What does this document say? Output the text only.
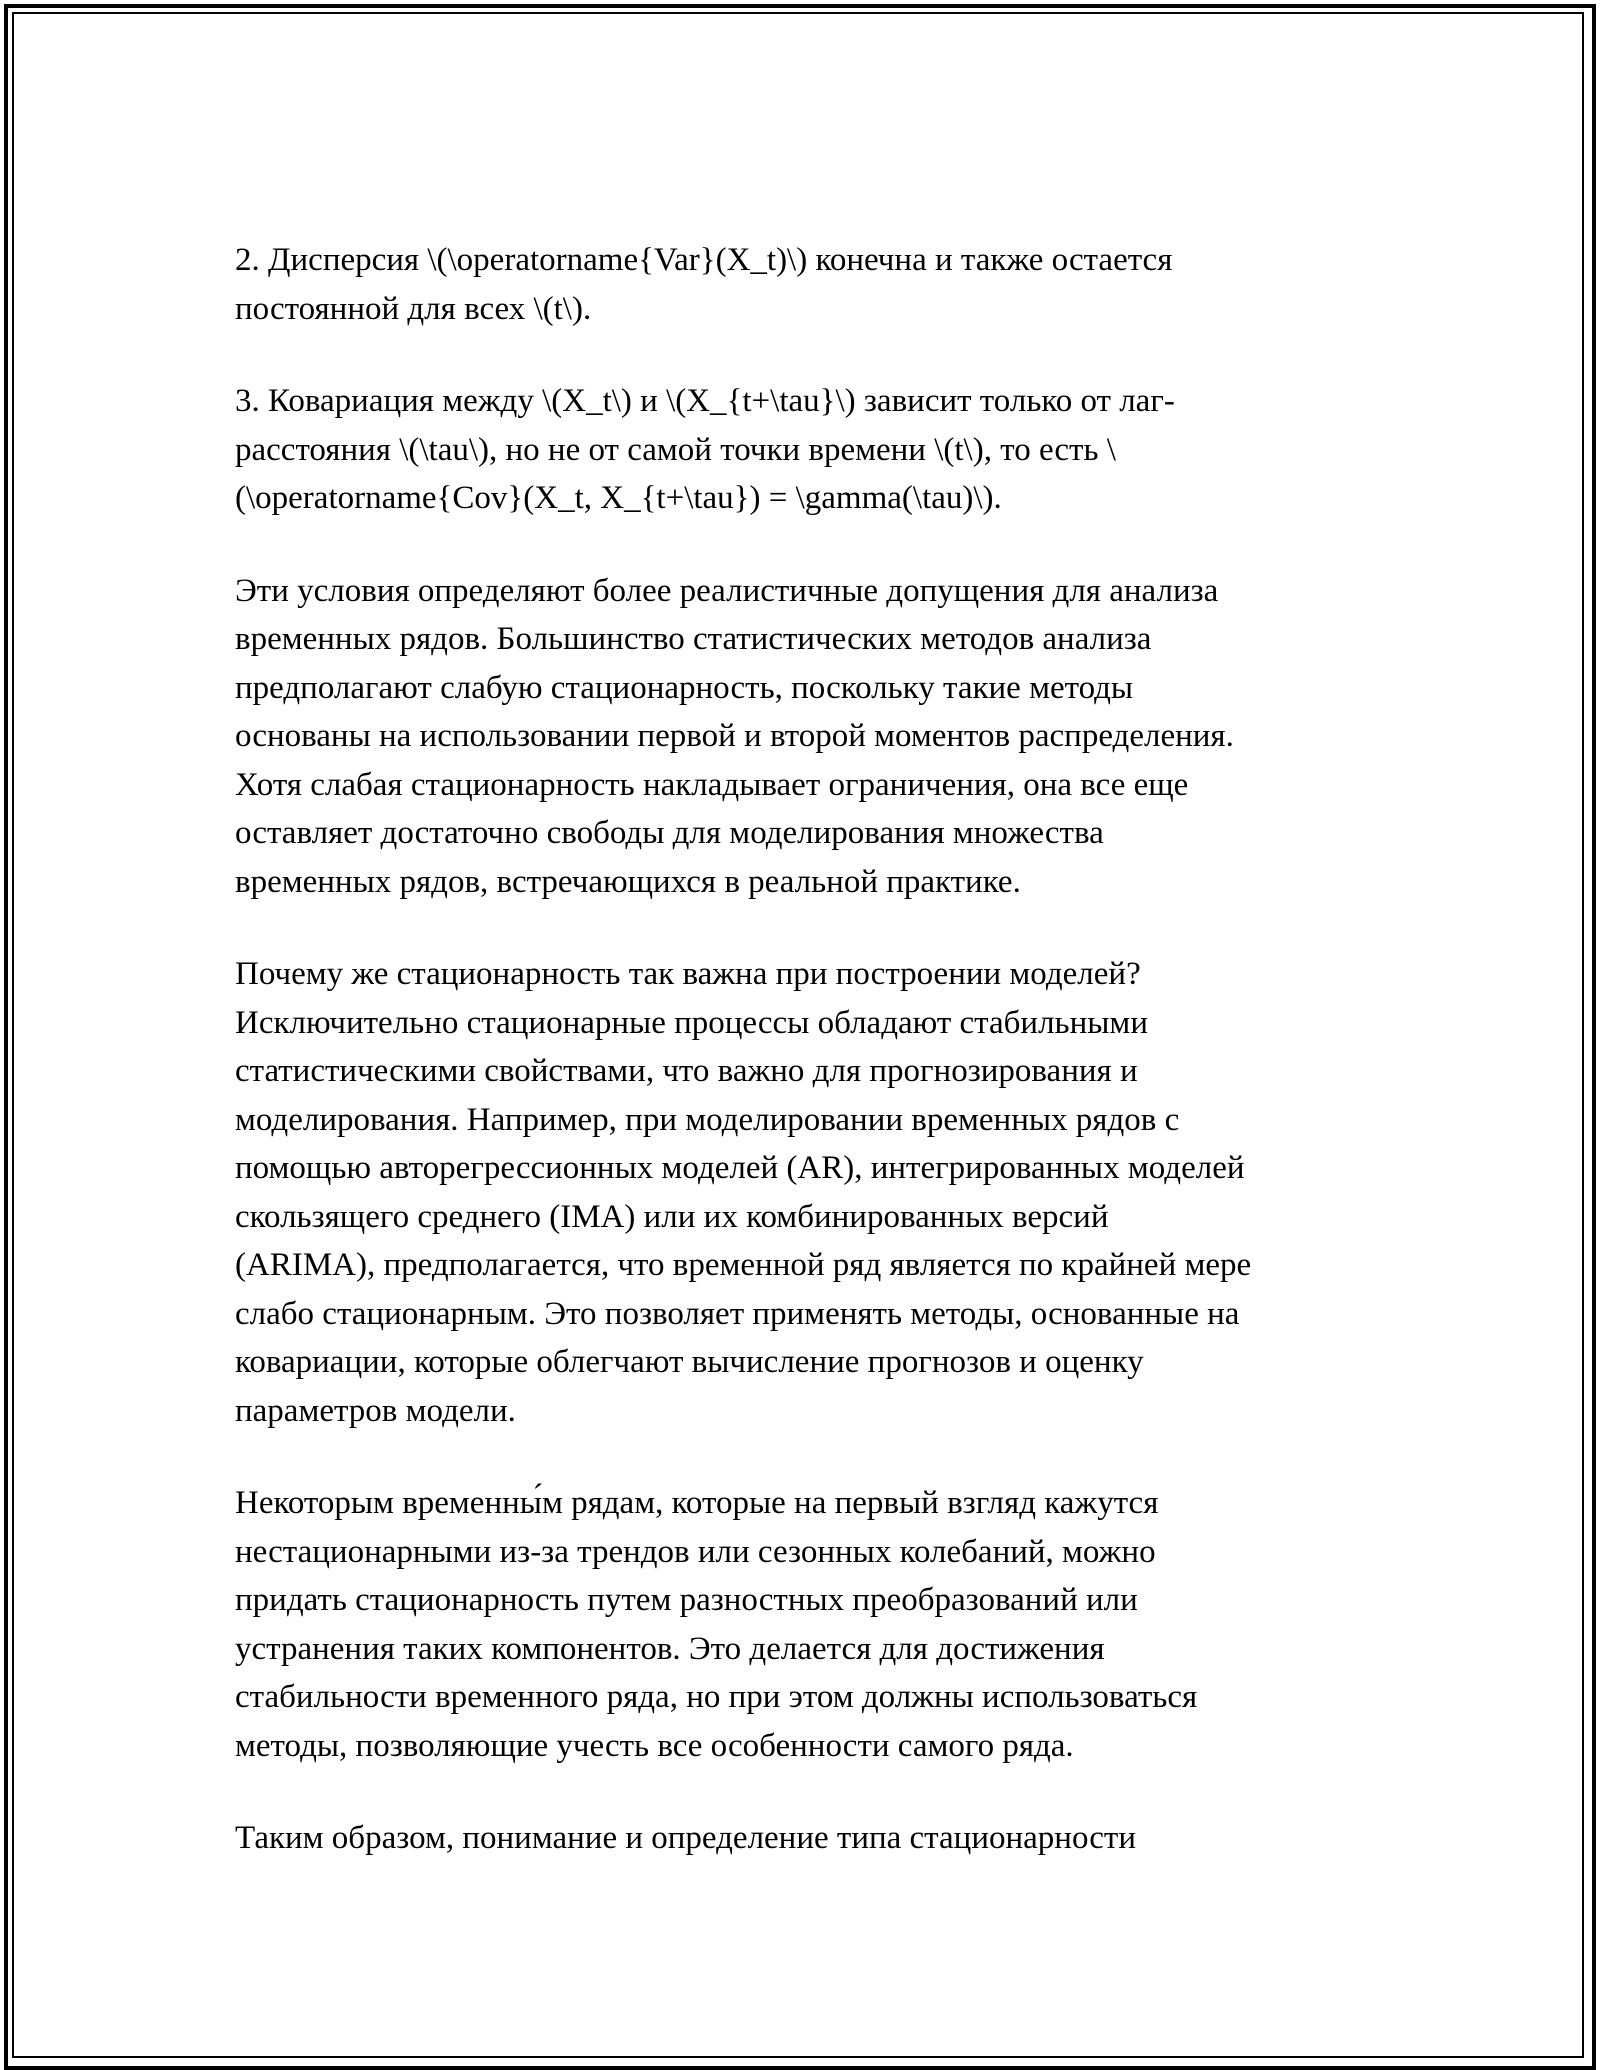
2. Дисперсия \(\operatorname{Var}(X_t)\) конечна и также остается
постоянной для всех \(t\).

3. Ковариация между \(X_t\) и \(X_{t+\tau}\) зависит только от лаг-
расстояния \(\tau\), но не от самой точки времени \(t\), то есть \
(\operatorname{Cov}(X_t, X_{t+\tau}) = \gamma(\tau)\).

Эти условия определяют более реалистичные допущения для анализа
временных рядов. Большинство статистических методов анализа
предполагают слабую стационарность, поскольку такие методы
основаны на использовании первой и второй моментов распределения.
Хотя слабая стационарность накладывает ограничения, она все еще
оставляет достаточно свободы для моделирования множества
временных рядов, встречающихся в реальной практике.

Почему же стационарность так важна при построении моделей?
Исключительно стационарные процессы обладают стабильными
статистическими свойствами, что важно для прогнозирования и
моделирования. Например, при моделировании временных рядов с
помощью авторегрессионных моделей (AR), интегрированных моделей
скользящего среднего (IMA) или их комбинированных версий
(ARIMA), предполагается, что временной ряд является по крайней мере
слабо стационарным. Это позволяет применять методы, основанные на
ковариации, которые облегчают вычисление прогнозов и оценку
параметров модели.

Некоторым временны́м рядам, которые на первый взгляд кажутся
нестационарными из-за трендов или сезонных колебаний, можно
придать стационарность путем разностных преобразований или
устранения таких компонентов. Это делается для достижения
стабильности временного ряда, но при этом должны использоваться
методы, позволяющие учесть все особенности самого ряда.

Таким образом, понимание и определение типа стационарности
